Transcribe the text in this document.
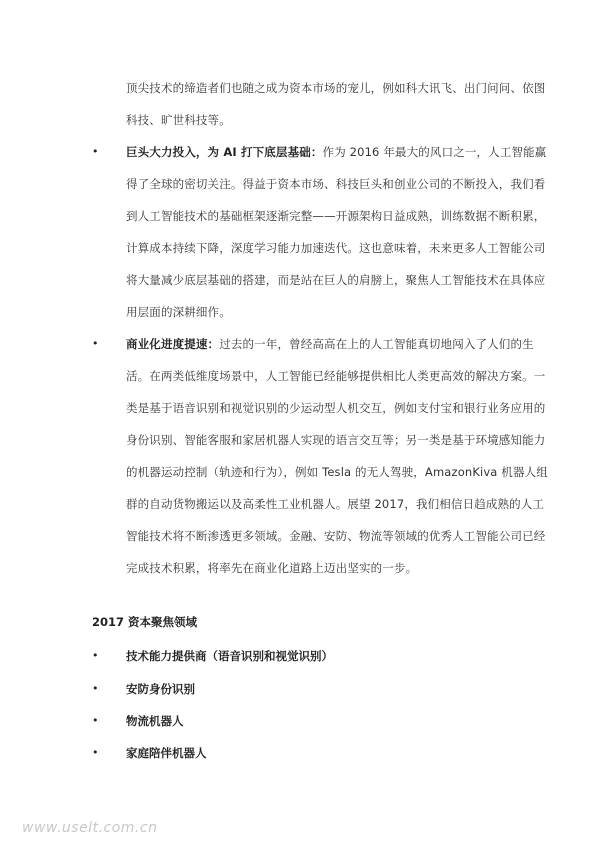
顶尖技术的缔造者们也随之成为资本市场的宠儿，例如科大讯飞、出门问问、依图
科技、旷世科技等。
• 巨头大力投入，为 AI 打下底层基础：作为 2016 年最大的风口之一，人工智能赢
得了全球的密切关注。得益于资本市场、科技巨头和创业公司的不断投入，我们看
到人工智能技术的基础框架逐渐完整——开源架构日益成熟，训练数据不断积累，
计算成本持续下降，深度学习能力加速迭代。这也意味着，未来更多人工智能公司
将大量减少底层基础的搭建，而是站在巨人的肩膀上，聚焦人工智能技术在具体应
用层面的深耕细作。
• 商业化进度提速：过去的一年，曾经高高在上的人工智能真切地闯入了人们的生
活。在两类低维度场景中，人工智能已经能够提供相比人类更高效的解决方案。一
类是基于语音识别和视觉识别的少运动型人机交互，例如支付宝和银行业务应用的
身份识别、智能客服和家居机器人实现的语言交互等；另一类是基于环境感知能力
的机器运动控制（轨迹和行为），例如 Tesla 的无人驾驶，AmazonKiva 机器人组
群的自动货物搬运以及高柔性工业机器人。展望 2017，我们相信日趋成熟的人工
智能技术将不断渗透更多领域。金融、安防、物流等领域的优秀人工智能公司已经
完成技术积累，将率先在商业化道路上迈出坚实的一步。
2017 资本聚焦领域
• 技术能力提供商（语音识别和视觉识别）
• 安防身份识别
• 物流机器人
• 家庭陪伴机器人
www.uselt.com.cn
